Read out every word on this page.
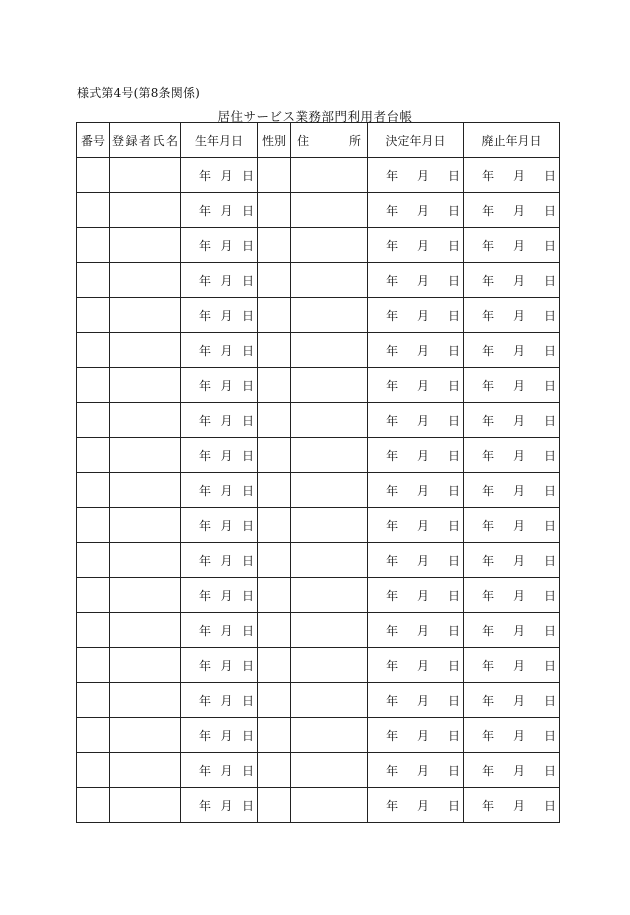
様式第4号(第8条関係)
居住サービス業務部門利用者台帳
番 号	登 録 者 氏 名	生年月日	性 別	住 所	決定年月日	廃止年月日

		年 月 日			年 月 日	年 月 日

		年 月 日			年 月 日	年 月 日

		年 月 日			年 月 日	年 月 日

		年 月 日			年 月 日	年 月 日

		年 月 日			年 月 日	年 月 日

		年 月 日			年 月 日	年 月 日

		年 月 日			年 月 日	年 月 日

		年 月 日			年 月 日	年 月 日

		年 月 日			年 月 日	年 月 日

		年 月 日			年 月 日	年 月 日

		年 月 日			年 月 日	年 月 日

		年 月 日			年 月 日	年 月 日

		年 月 日			年 月 日	年 月 日

		年 月 日			年 月 日	年 月 日

		年 月 日			年 月 日	年 月 日

		年 月 日			年 月 日	年 月 日

		年 月 日			年 月 日	年 月 日

		年 月 日			年 月 日	年 月 日

		年 月 日			年 月 日	年 月 日
